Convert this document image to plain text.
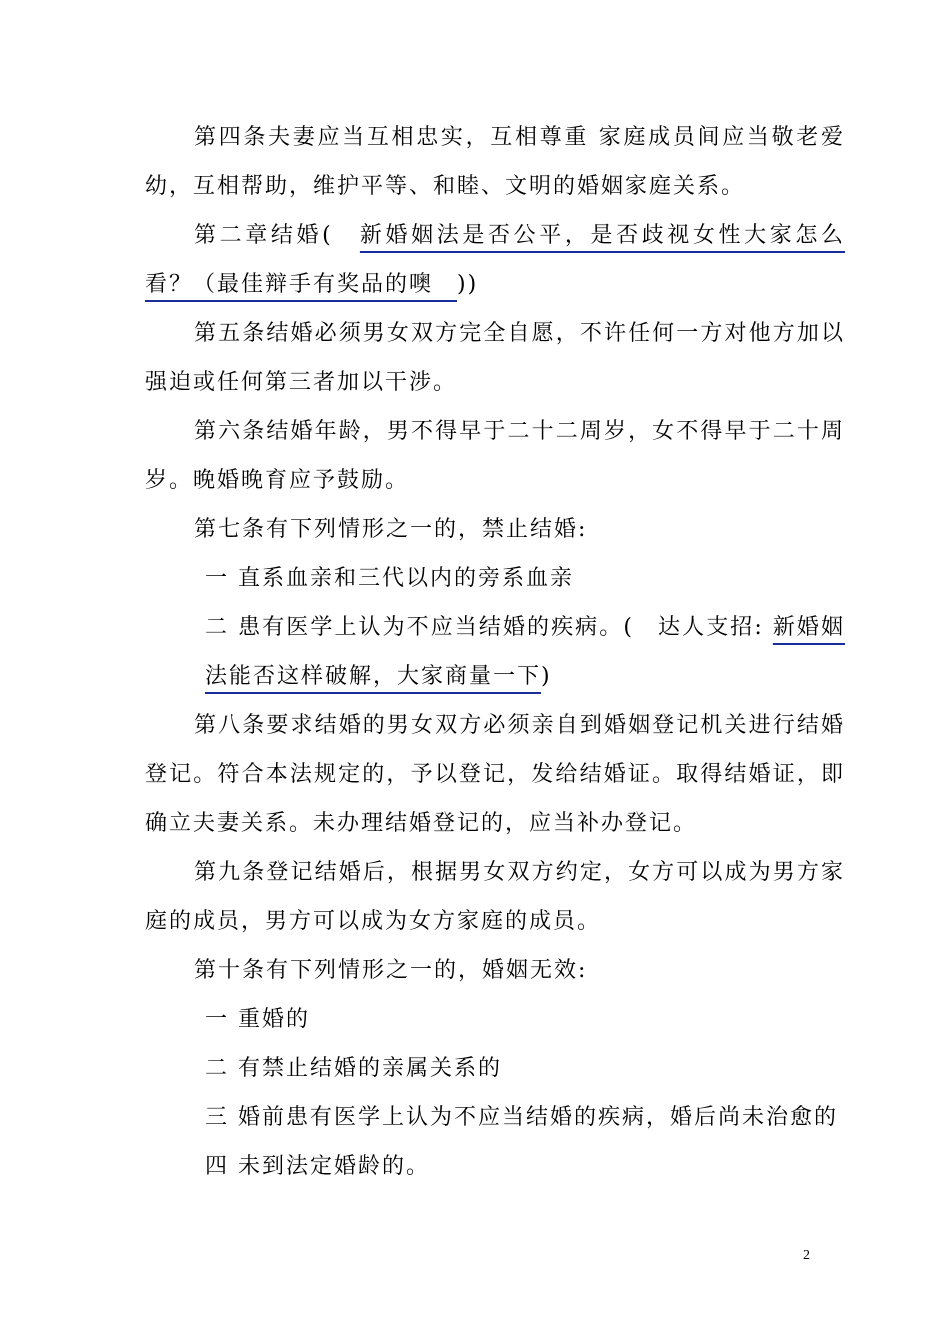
第四条夫妻应当互相忠实，互相尊重 家庭成员间应当敬老爱幼，互相帮助，维护平等、和睦、文明的婚姻家庭关系。

第二章结婚(　新婚姻法是否公平，是否歧视女性大家怎么看？（最佳辩手有奖品的噢　))

第五条结婚必须男女双方完全自愿，不许任何一方对他方加以强迫或任何第三者加以干涉。

第六条结婚年龄，男不得早于二十二周岁，女不得早于二十周岁。晚婚晚育应予鼓励。

第七条有下列情形之一的，禁止结婚:

一 直系血亲和三代以内的旁系血亲

二 患有医学上认为不应当结婚的疾病。(　达人支招: 新婚姻法能否这样破解，大家商量一下)

第八条要求结婚的男女双方必须亲自到婚姻登记机关进行结婚登记。符合本法规定的，予以登记，发给结婚证。取得结婚证，即确立夫妻关系。未办理结婚登记的，应当补办登记。

第九条登记结婚后，根据男女双方约定，女方可以成为男方家庭的成员，男方可以成为女方家庭的成员。

第十条有下列情形之一的，婚姻无效:

一 重婚的

二 有禁止结婚的亲属关系的

三 婚前患有医学上认为不应当结婚的疾病，婚后尚未治愈的

四 未到法定婚龄的。

2
